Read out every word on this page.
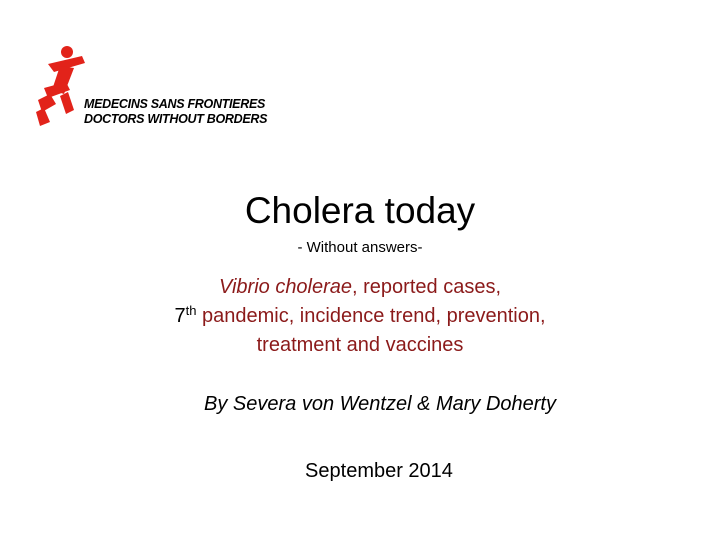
MEDECINS SANS FRONTIERES
DOCTORS WITHOUT BORDERS
Cholera today
- Without answers-
Vibrio cholerae, reported cases,
7th pandemic, incidence trend, prevention,
treatment and vaccines
By Severa von Wentzel & Mary Doherty
September 2014
